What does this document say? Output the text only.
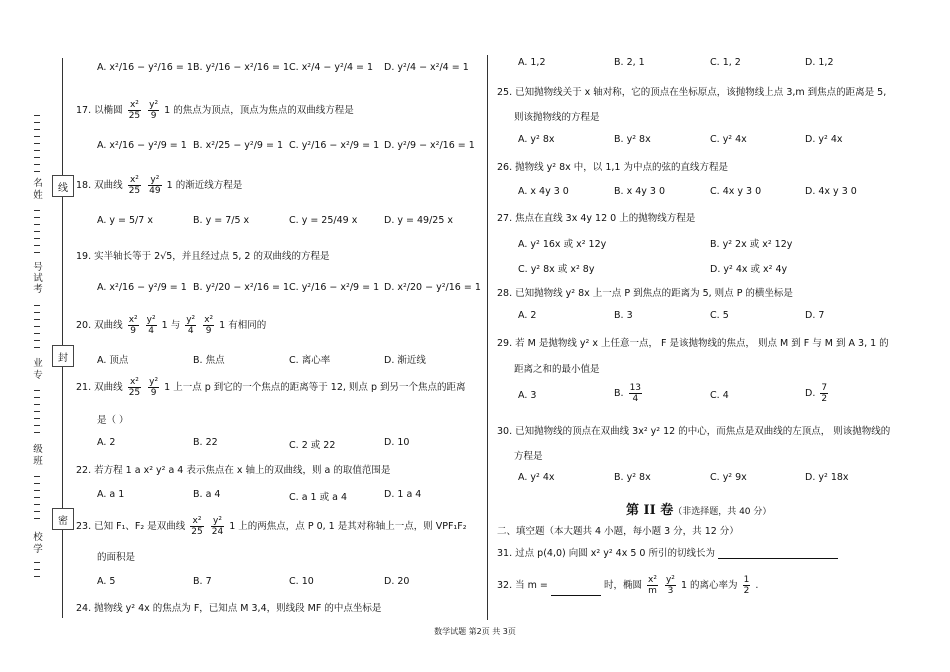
名
姓
号
试
考
业
专
级
班
校
学
线
封
密
A. x²/16 − y²/16 = 1 B. y²/16 − x²/16 = 1 C. x²/4 − y²/4 = 1 D. y²/4 − x²/4 = 1
17. 以椭圆 $\frac{\text{x²}}{25}$
$\frac{\text{y²}}{9} 1$ 的焦点为顶点，顶点为焦点的双曲线方程是
A. x²/16 − y²/9 = 1 B. x²/25 − y²/9 = 1 C. y²/16 − x²/9 = 1 D. y²/9 − x²/16 = 1
18. 双曲线 $\frac{\text{x²}}{25}$
$\frac{\text{y²}}{49} 1$ 的渐近线方程是
A. y = 5/7 x	B. y = 7/5 x	C. y = 25/49 x	D. y = 49/25 x
19. 实半轴长等于 2√5，并且经过点 5, 2 的双曲线的方程是
A. x²/16 − y²/9 = 1 B. y²/20 − x²/16 = 1 C. y²/16 − x²/9 = 1 D. x²/20 − y²/16 = 1
20. 双曲线 $\frac{\text{x²}}{9}$
$\frac{\text{y²}}{4} 1$ 与 $\frac{\text{y²}}{4}$
$\frac{\text{x²}}{9} 1$ 有相同的
A. 顶点	B. 焦点	C. 离心率	D. 渐近线
21. 双曲线 $\frac{\text{x²}}{25}$
$\frac{\text{y²}}{9} 1$ 上一点 p 到它的一个焦点的距离等于 12, 则点 p 到另一个焦点的距离
是（ ）
A. 2	B. 22	C. 2 或 22	D. 10
22. 若方程 1 a x² y² a 4 表示焦点在 x 轴上的双曲线，则 a 的取值范围是
A. a 1	B. a 4	C. a 1 或 a 4	D. 1 a 4
23. 已知 F₁、F₂ 是双曲线 $\frac{\text{x²}}{25}$
$\frac{\text{y²}}{24} 1$ 上的两焦点，点 P 0, 1 是其对称轴上一点，则 VPF₁F₂
的面积是
A. 5	B. 7	C. 10	D. 20
24. 抛物线 y² 4x 的焦点为 F，已知点 M 3,4，则线段 MF 的中点坐标是
A. 1,2	B. 2, 1	C. 1, 2	D. 1,2
25. 已知抛物线关于 x 轴对称，它的顶点在坐标原点，该抛物线上点 3,m 到焦点的距离是 5,
则该抛物线的方程是
A. y² 8x	B. y² 8x	C. y² 4x	D. y² 4x
26. 抛物线 y² 8x 中，以 1,1 为中点的弦的直线方程是
A. x 4y 3 0	B. x 4y 3 0	C. 4x y 3 0	D. 4x y 3 0
27. 焦点在直线 3x 4y 12 0 上的抛物线方程是
A. y² 16x 或 x² 12y	B. y² 2x 或 x² 12y
C. y² 8x 或 x² 8y	D. y² 4x 或 x² 4y
28. 已知抛物线 y² 8x 上一点 P 到焦点的距离为 5, 则点 P 的横坐标是
A. 2	B. 3	C. 5	D. 7
29. 若 M 是抛物线 y² x 上任意一点， F 是该抛物线的焦点， 则点 M 到 F 与 M 到 A 3, 1 的
距离之和的最小值是
A. 3	B. $\frac{13}{4}$	C. 4	D. $\frac{7}{2}$
30. 已知抛物线的顶点在双曲线 3x² y² 12 的中心，而焦点是双曲线的左顶点， 则该抛物线的
方程是
A. y² 4x	B. y² 8x	C. y² 9x	D. y² 18x
第 II 卷（非选择题，共 40 分）
二、填空题（本大题共 4 小题，每小题 3 分，共 12 分）
31. 过点 p(4,0) 向圆 x² y² 4x 5 0 所引的切线长为
32. 当 m =	时，椭圆 $\frac{\text{x²}}{m}$
$\frac{\text{y²}}{3} 1$ 的离心率为 $\frac{1}{2}$ .
数学试题 第2页 共 3页
